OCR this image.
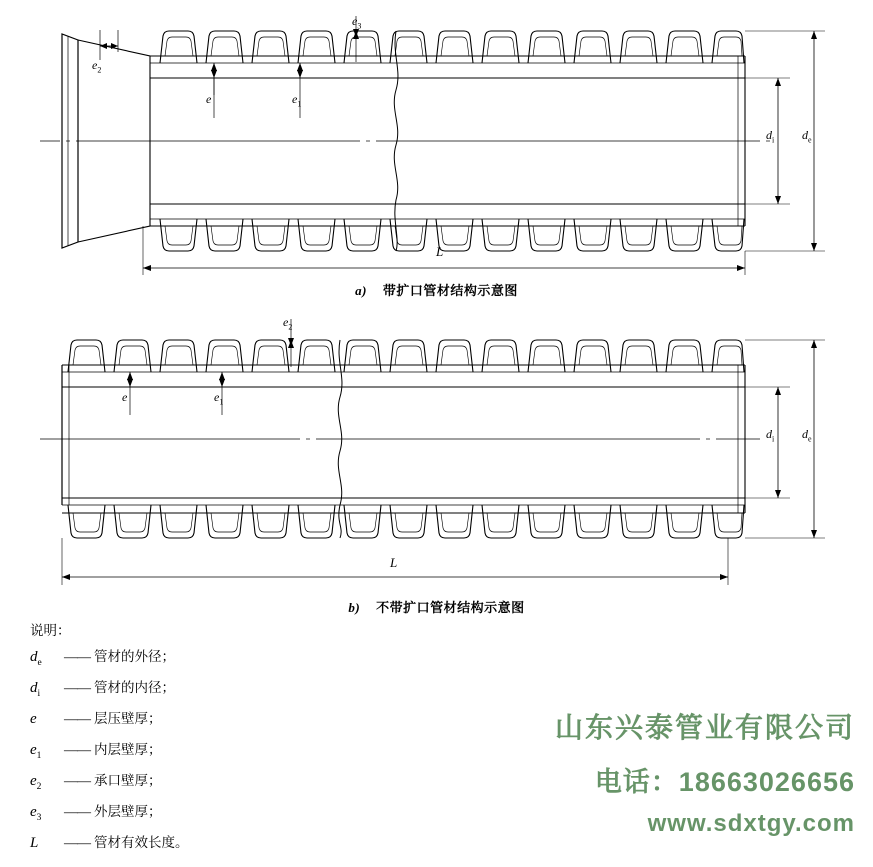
$e_3$
$e_2$
e	$e_1$
$d_i$ $d_e$
L
a) 带扩口管材结构示意图
$e_2$
e	$e_1$
$d_i$ $d_e$
L
b) 不带扩口管材结构示意图
说明：
$d_e$	—— 管材的外径；
$d_i$	—— 管材的内径；
e	—— 层压壁厚；
$e_1$	—— 内层壁厚；
$e_2$	—— 承口壁厚；
$e_3$	—— 外层壁厚；
L	—— 管材有效长度。
山东兴泰管业有限公司
电话：18663026656
www.sdxtgy.com
